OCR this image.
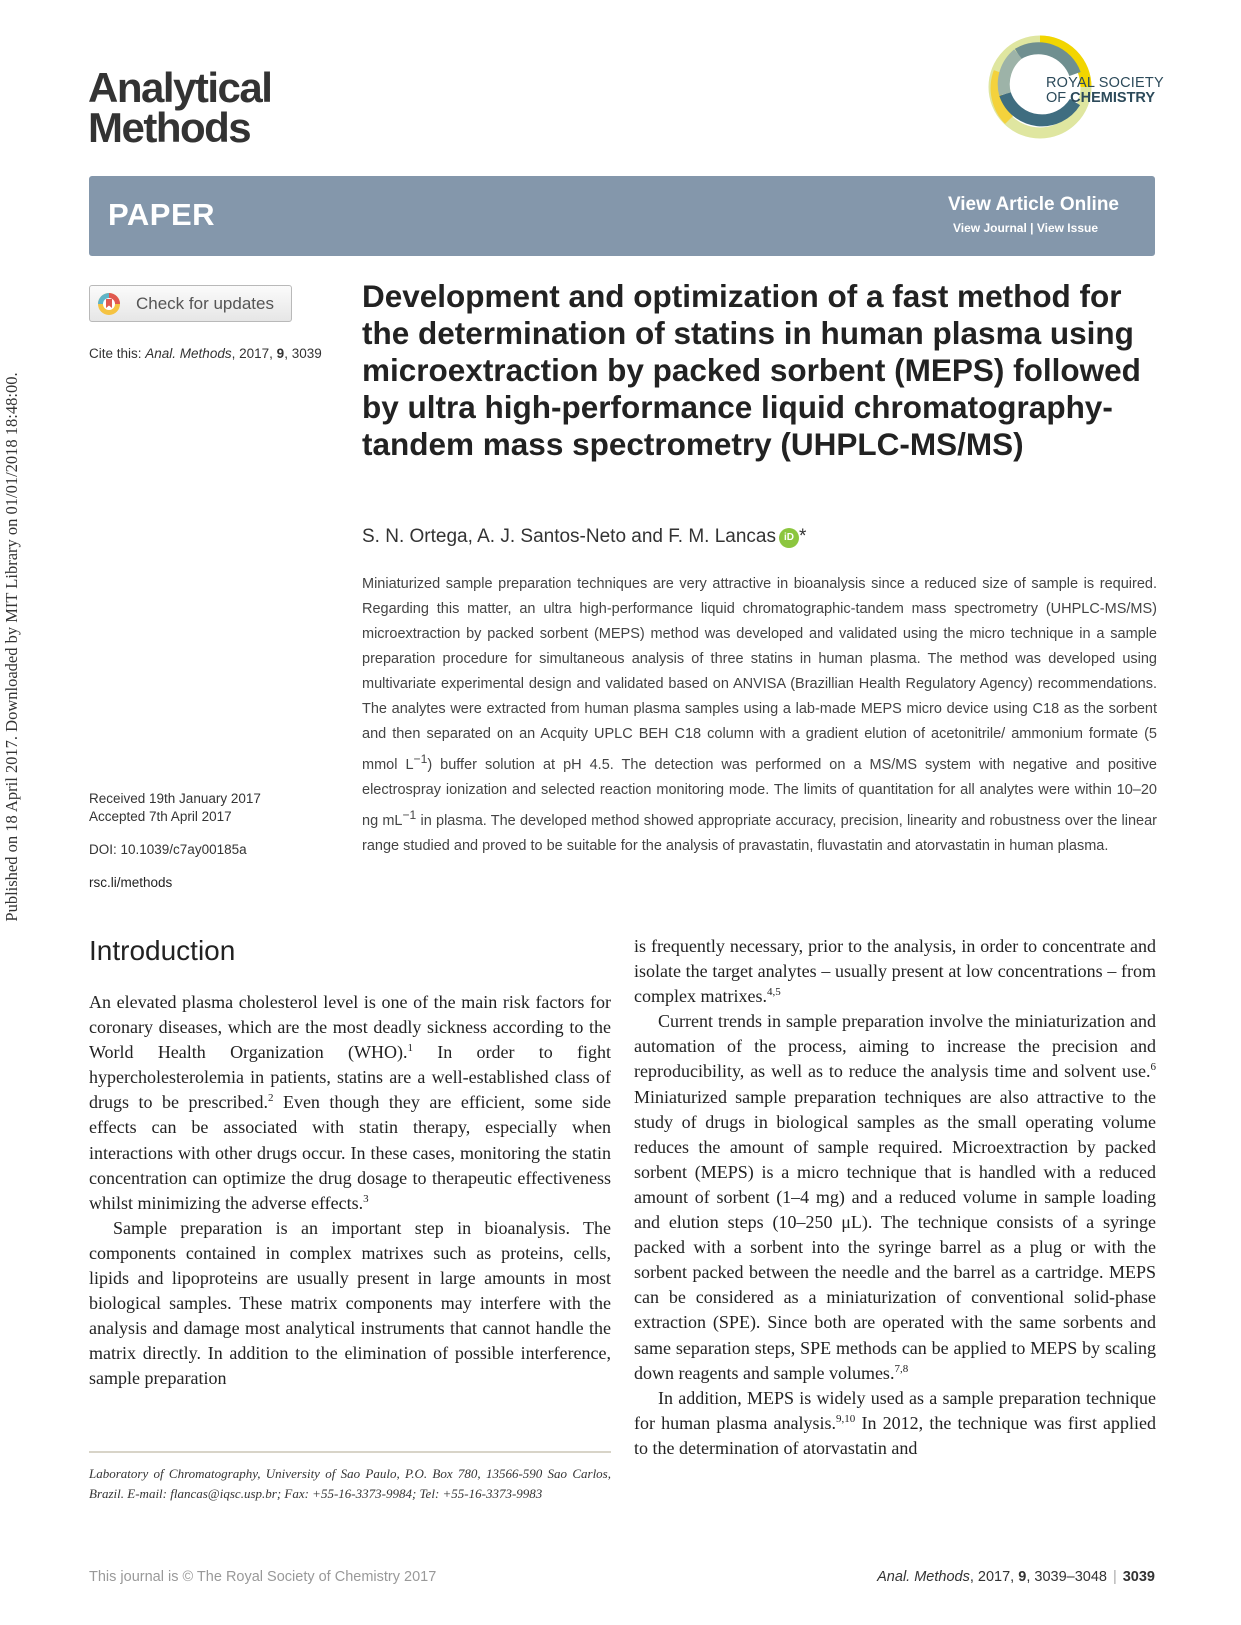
Published on 18 April 2017. Downloaded by MIT Library on 01/01/2018 18:48:00.
Analytical
Methods
ROYAL SOCIETY
OF CHEMISTRY
PAPER	View Article Online
View Journal | View Issue
Check for updates
Cite this: Anal. Methods, 2017, 9, 3039
Development and optimization of a fast method for the determination of statins in human plasma using microextraction by packed sorbent (MEPS) followed by ultra high-performance liquid chromatography-tandem mass spectrometry (UHPLC-MS/MS)
S. N. Ortega, A. J. Santos-Neto and F. M. Lancas iD *
Miniaturized sample preparation techniques are very attractive in bioanalysis since a reduced size of sample is required. Regarding this matter, an ultra high-performance liquid chromatographic-tandem mass spectrometry (UHPLC-MS/MS) microextraction by packed sorbent (MEPS) method was developed and validated using the micro technique in a sample preparation procedure for simultaneous analysis of three statins in human plasma. The method was developed using multivariate experimental design and validated based on ANVISA (Brazillian Health Regulatory Agency) recommendations. The analytes were extracted from human plasma samples using a lab-made MEPS micro device using C18 as the sorbent and then separated on an Acquity UPLC BEH C18 column with a gradient elution of acetonitrile/ ammonium formate (5 mmol $L^{-1}$) buffer solution at pH 4.5. The detection was performed on a MS/MS system with negative and positive electrospray ionization and selected reaction monitoring mode. The limits of quantitation for all analytes were within 10–20 ng $mL^{-1}$ in plasma. The developed method showed appropriate accuracy, precision, linearity and robustness over the linear range studied and proved to be suitable for the analysis of pravastatin, fluvastatin and atorvastatin in human plasma.
Received 19th January 2017
Accepted 7th April 2017
DOI: 10.1039/c7ay00185a
rsc.li/methods
Introduction

An elevated plasma cholesterol level is one of the main risk factors for coronary diseases, which are the most deadly sickness according to the World Health Organization (WHO).$^1$ In order to fight hypercholesterolemia in patients, statins are a well-established class of drugs to be prescribed.$^2$ Even though they are efficient, some side effects can be associated with statin therapy, especially when interactions with other drugs occur. In these cases, monitoring the statin concentration can optimize the drug dosage to therapeutic effectiveness whilst minimizing the adverse effects.$^3$

Sample preparation is an important step in bioanalysis. The components contained in complex matrixes such as proteins, cells, lipids and lipoproteins are usually present in large amounts in most biological samples. These matrix components may interfere with the analysis and damage most analytical instruments that cannot handle the matrix directly. In addition to the elimination of possible interference, sample preparation

is frequently necessary, prior to the analysis, in order to concentrate and isolate the target analytes – usually present at low concentrations – from complex matrixes.$^{4,5}$

Current trends in sample preparation involve the miniaturization and automation of the process, aiming to increase the precision and reproducibility, as well as to reduce the analysis time and solvent use.$^6$ Miniaturized sample preparation techniques are also attractive to the study of drugs in biological samples as the small operating volume reduces the amount of sample required. Microextraction by packed sorbent (MEPS) is a micro technique that is handled with a reduced amount of sorbent (1–4 mg) and a reduced volume in sample loading and elution steps (10–250 μL). The technique consists of a syringe packed with a sorbent into the syringe barrel as a plug or with the sorbent packed between the needle and the barrel as a cartridge. MEPS can be considered as a miniaturization of conventional solid-phase extraction (SPE). Since both are operated with the same sorbents and same separation steps, SPE methods can be applied to MEPS by scaling down reagents and sample volumes.$^{7,8}$

In addition, MEPS is widely used as a sample preparation technique for human plasma analysis.$^{9,10}$ In 2012, the technique was first applied to the determination of atorvastatin and

Laboratory of Chromatography, University of Sao Paulo, P.O. Box 780, 13566-590 Sao Carlos, Brazil. E-mail: flancas@iqsc.usp.br; Fax: +55-16-3373-9984; Tel: +55-16-3373-9983
This journal is © The Royal Society of Chemistry 2017	Anal. Methods, 2017, 9, 3039–3048 | 3039
